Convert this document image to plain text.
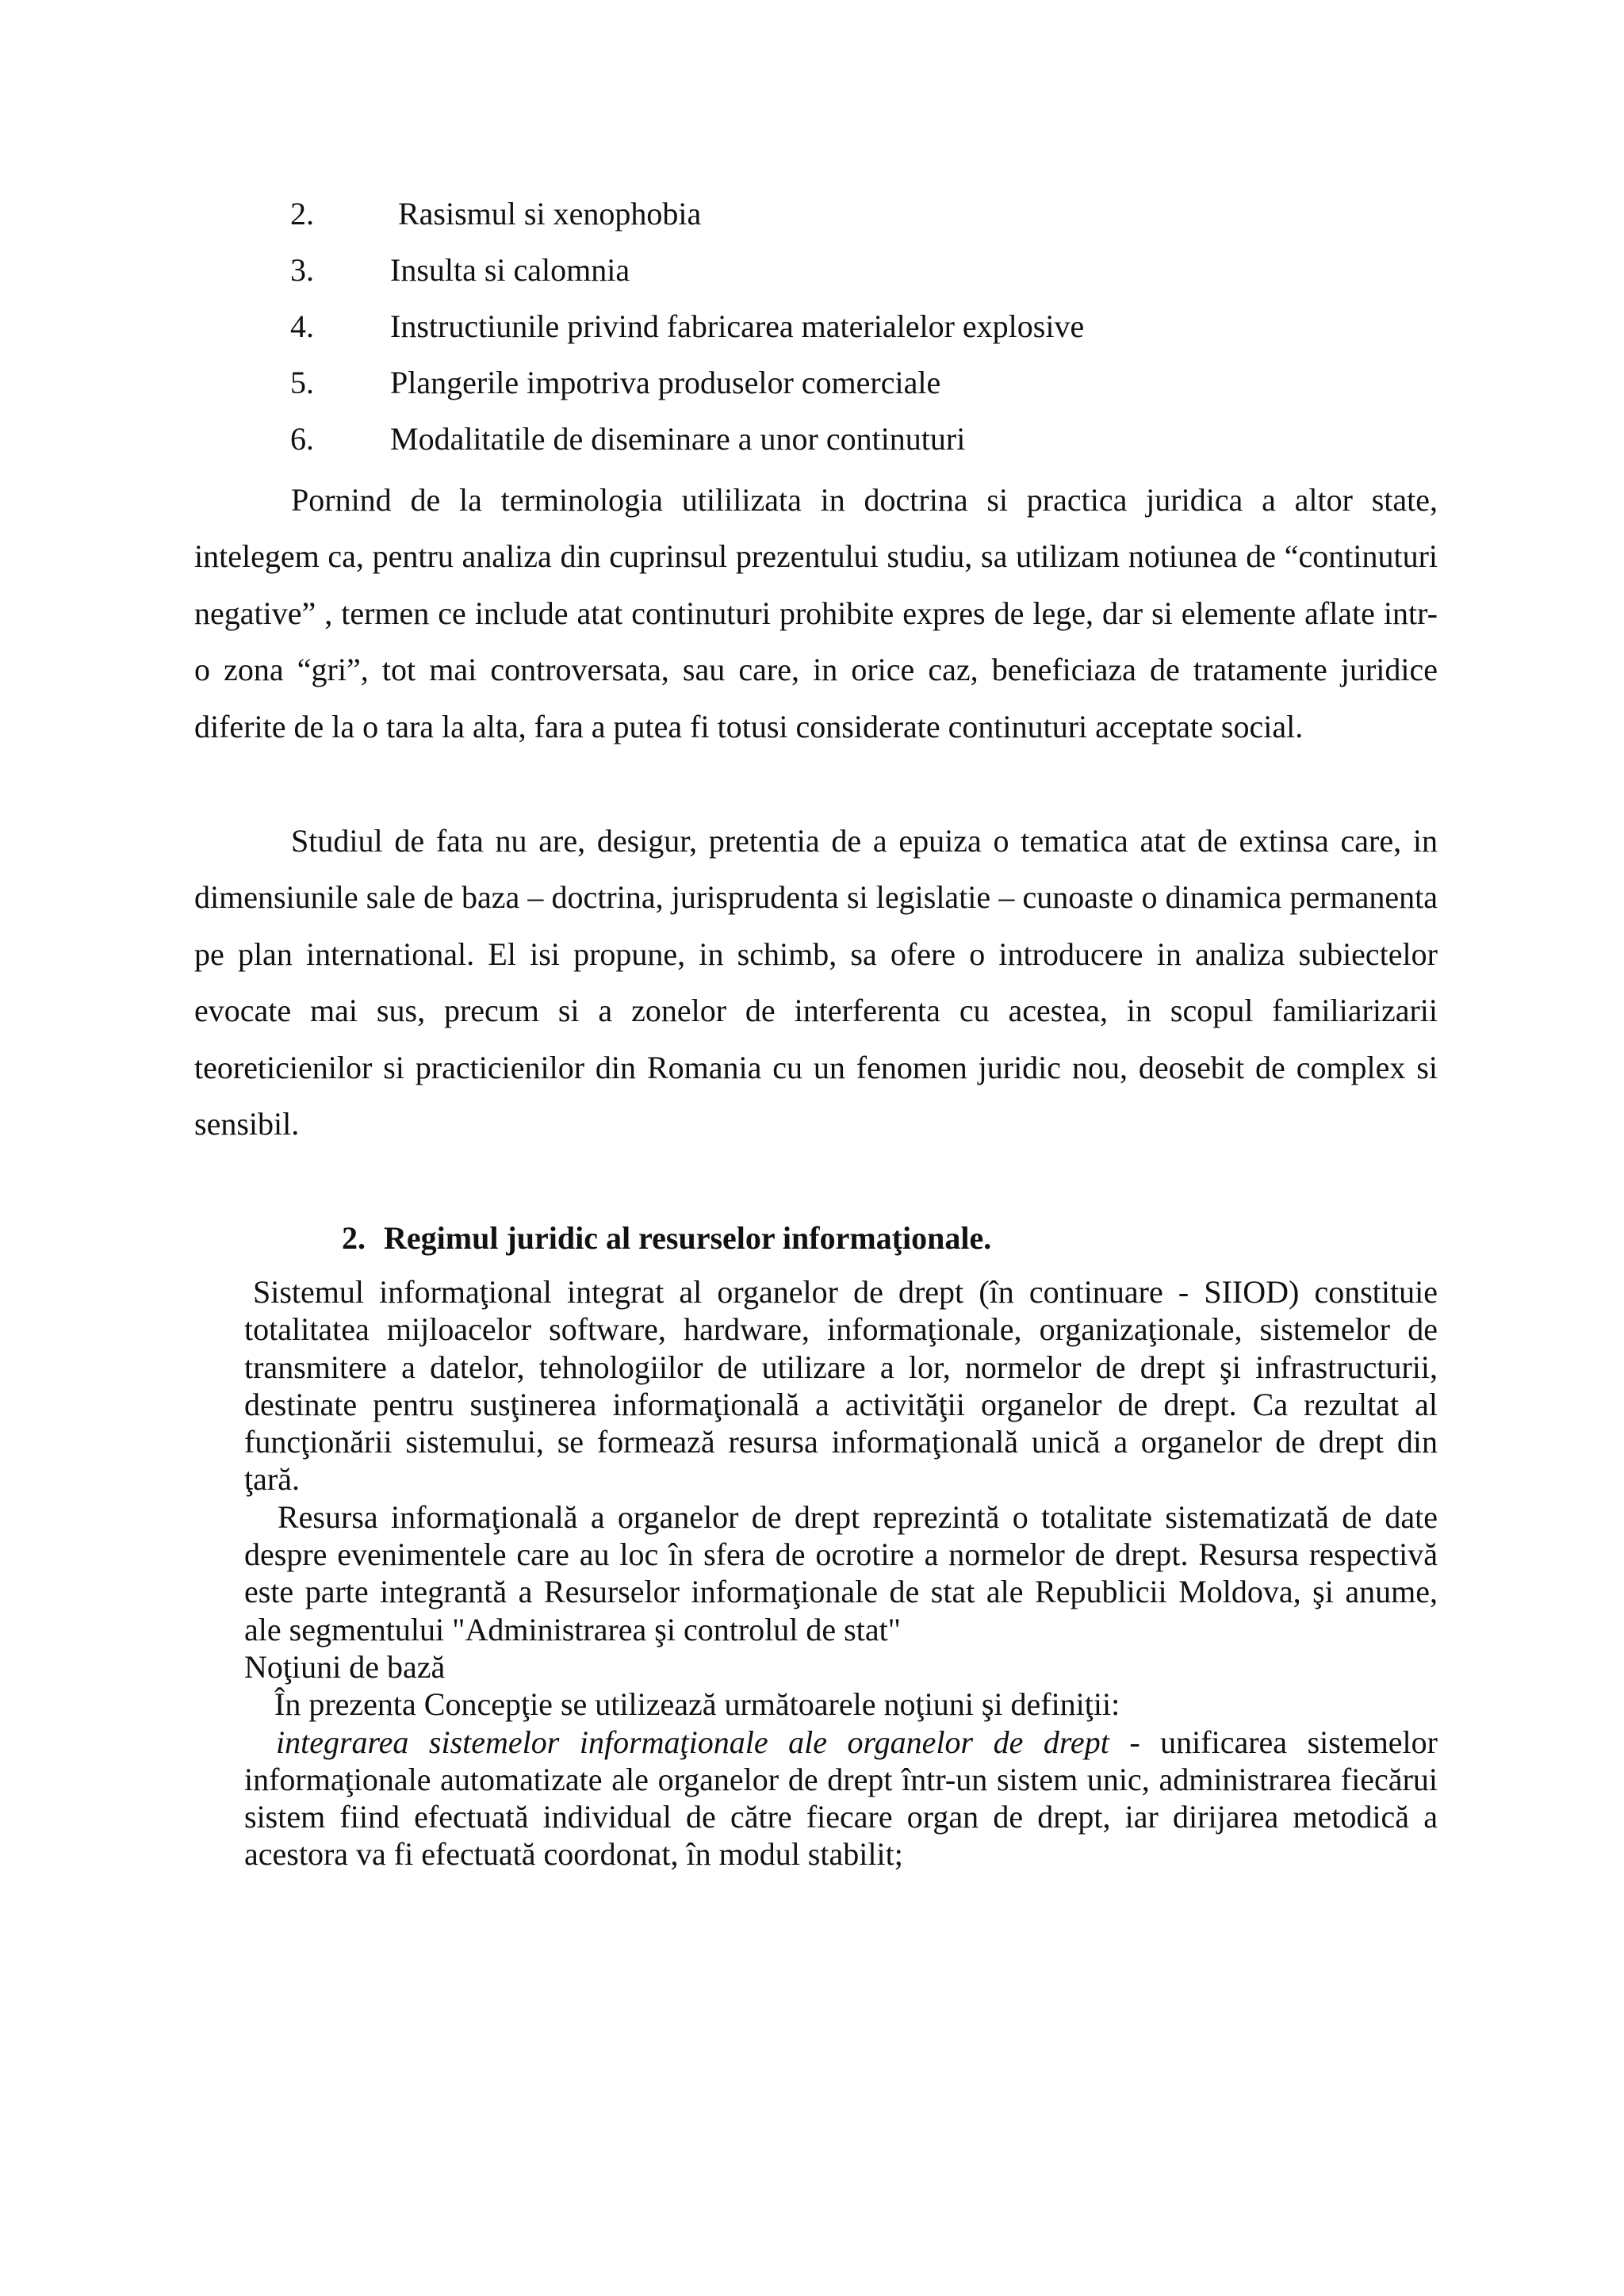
2. Rasismul si xenophobia
3. Insulta si calomnia
4. Instructiunile privind fabricarea materialelor explosive
5. Plangerile impotriva produselor comerciale
6. Modalitatile de diseminare a unor continuturi

Pornind de la terminologia utililizata in doctrina si practica juridica a altor state, intelegem ca, pentru analiza din cuprinsul prezentului studiu, sa utilizam notiunea de “continuturi negative” , termen ce include atat continuturi prohibite expres de lege, dar si elemente aflate intr-o zona “gri”, tot mai controversata, sau care, in orice caz, beneficiaza de tratamente juridice diferite de la o tara la alta, fara a putea fi totusi considerate continuturi acceptate social.

Studiul de fata nu are, desigur, pretentia de a epuiza o tematica atat de extinsa care, in dimensiunile sale de baza – doctrina, jurisprudenta si legislatie – cunoaste o dinamica permanenta pe plan international. El isi propune, in schimb, sa ofere o introducere in analiza subiectelor evocate mai sus, precum si a zonelor de interferenta cu acestea, in scopul familiarizarii teoreticienilor si practicienilor din Romania cu un fenomen juridic nou, deosebit de complex si sensibil.

2. Regimul juridic al resurselor informaţionale.

Sistemul informaţional integrat al organelor de drept (în continuare - SIIOD) constituie totalitatea mijloacelor software, hardware, informaţionale, organizaţionale, sistemelor de transmitere a datelor, tehnologiilor de utilizare a lor, normelor de drept şi infrastructurii, destinate pentru susţinerea informaţională a activităţii organelor de drept. Ca rezultat al funcţionării sistemului, se formează resursa informaţională unică a organelor de drept din ţară.

Resursa informaţională a organelor de drept reprezintă o totalitate sistematizată de date despre evenimentele care au loc în sfera de ocrotire a normelor de drept. Resursa respectivă este parte integrantă a Resurselor informaţionale de stat ale Republicii Moldova, şi anume, ale segmentului "Administrarea şi controlul de stat"

Noţiuni de bază

În prezenta Concepţie se utilizează următoarele noţiuni şi definiţii:

integrarea sistemelor informaţionale ale organelor de drept - unificarea sistemelor informaţionale automatizate ale organelor de drept într-un sistem unic, administrarea fiecărui sistem fiind efectuată individual de către fiecare organ de drept, iar dirijarea metodică a acestora va fi efectuată coordonat, în modul stabilit;
